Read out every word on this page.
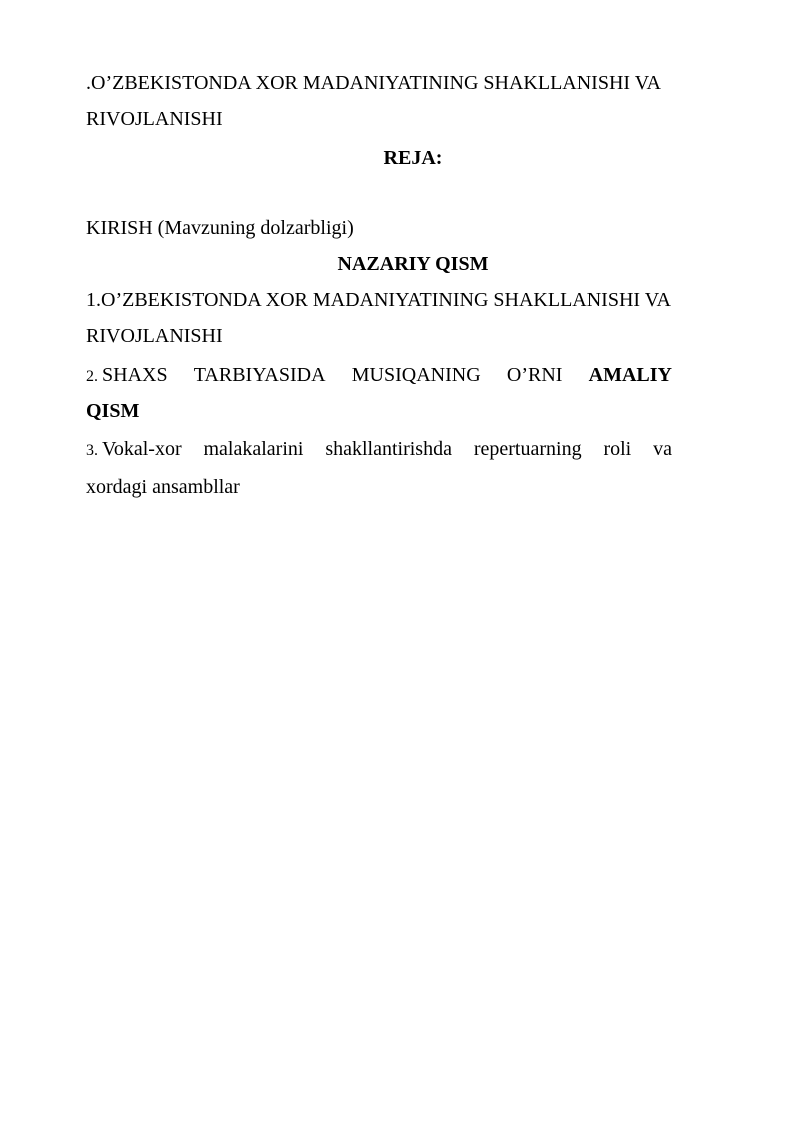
.O’ZBEKISTONDA XOR MADANIYATINING SHAKLLANISHI VA
RIVOJLANISHI
REJA:
KIRISH (Mavzuning dolzarbligi)
NAZARIY QISM
1.O’ZBEKISTONDA XOR MADANIYATINING SHAKLLANISHI VA
RIVOJLANISHI
2. SHAXS TARBIYASIDA MUSIQANING O’RNI AMALIY
QISM
3. Vokal-xor malakalarini shakllantirishda repertuarning roli va
xordagi ansambllar
